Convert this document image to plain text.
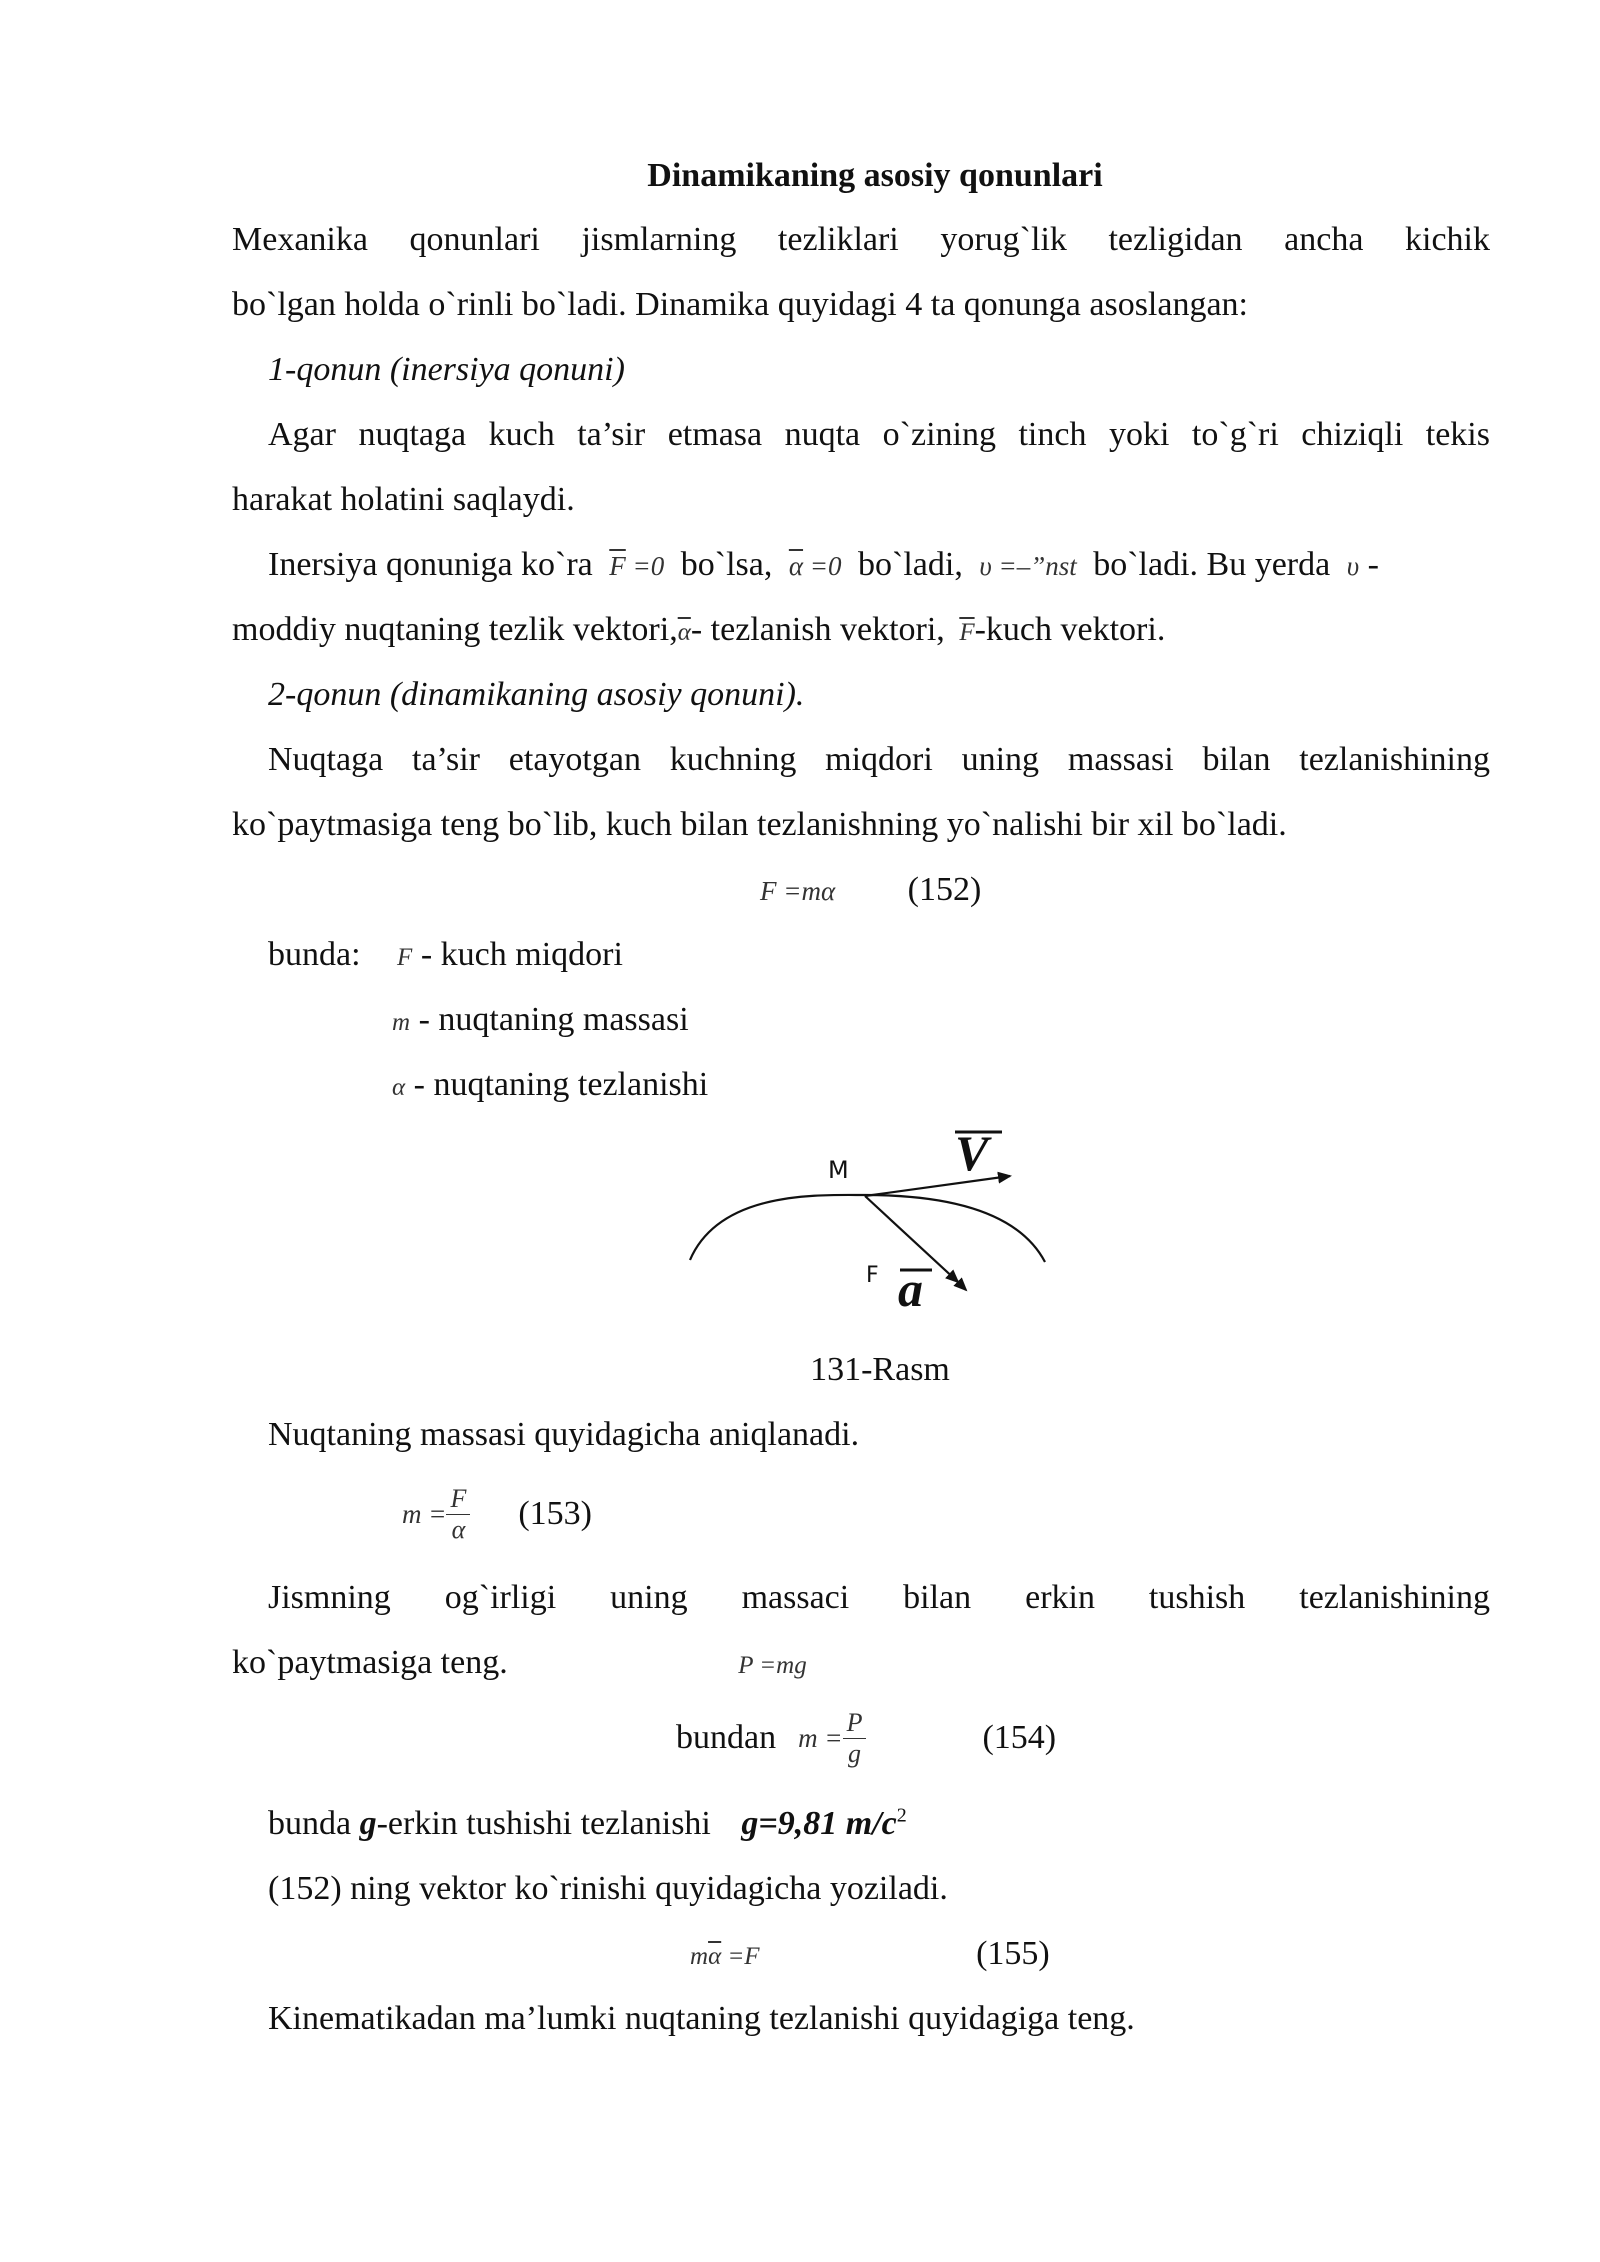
Dinamikaning asosiy qonunlari
Mexanika qonunlari jismlarning tezliklari yorug`lik tezligidan ancha kichik
bo`lgan holda o`rinli bo`ladi. Dinamika quyidagi 4 ta qonunga asoslangan:
1-qonun (inersiya qonuni)
Agar nuqtaga kuch ta’sir etmasa nuqta o`zining tinch yoki to`g`ri chiziqli tekis
harakat holatini saqlaydi.
Inersiya qonuniga ko`ra $\overline{F} =0$ bo`lsa, $\overline{\alpha} =0$ bo`ladi, υ =–”nst bo`ladi. Bu yerda υ -
moddiy nuqtaning tezlik $vektori,\overline{\alpha}-$ tezlanish vektori, $\overline{F}$-kuch vektori.
2-qonun (dinamikaning asosiy qonuni).
Nuqtaga ta’sir etayotgan kuchning miqdori uning massasi bilan tezlanishining
ko`paytmasiga teng bo`lib, kuch bilan tezlanishning yo`nalishi bir xil bo`ladi.
F =mα (152)
bunda: F - kuch miqdori
m - nuqtaning massasi
α - nuqtaning tezlanishi
M V
F a
131-Rasm
Nuqtaning massasi quyidagicha aniqlanadi.
$m = \frac{F}{\alpha} (153)$
Jismning og`irligi uning massaci bilan erkin tushish tezlanishining
ko`paytmasiga teng.	P =mg
bundan $m = \frac{P}{g}$	(154)
bunda g-erkin tushishi tezlanishi g=9,81 $m/c^2$
(152) ning vektor ko`rinishi quyidagicha yoziladi.
$m\overline{\alpha} =F$	(155)
Kinematikadan ma’lumki nuqtaning tezlanishi quyidagiga teng.
